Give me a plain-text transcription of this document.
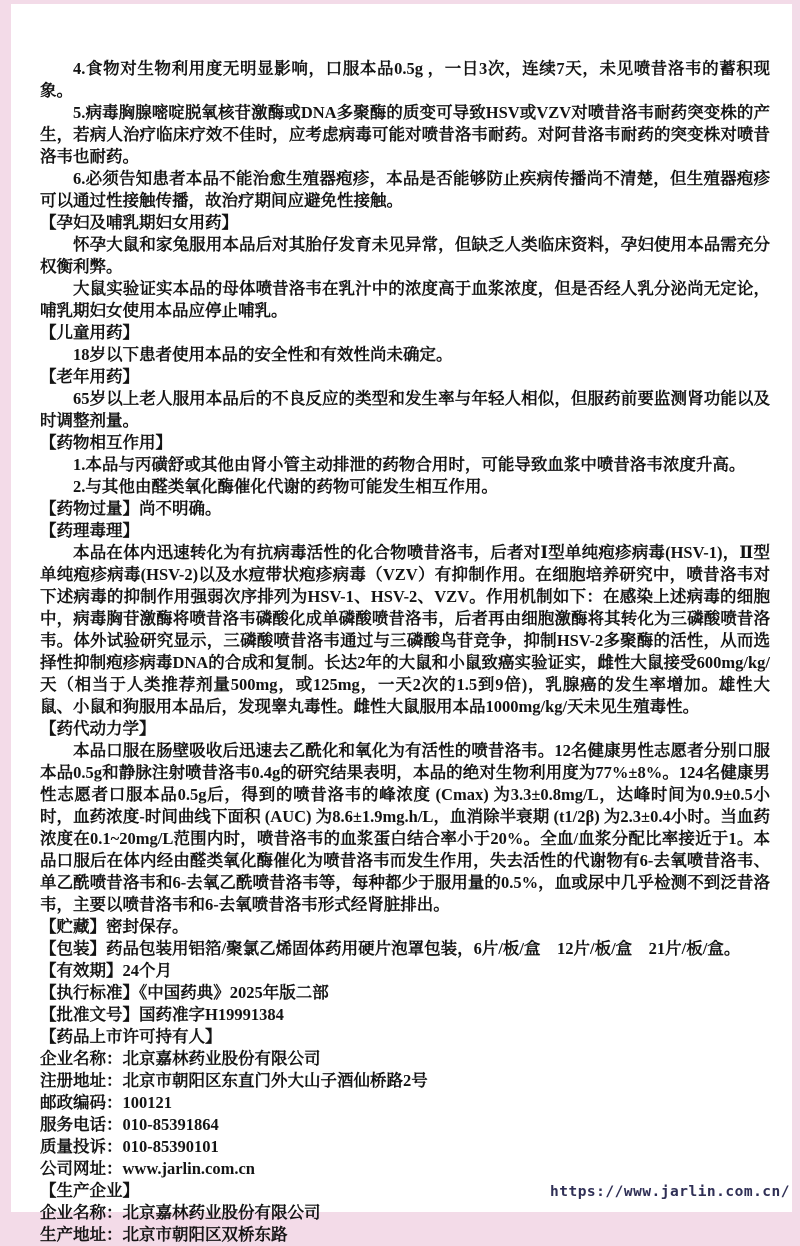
4.食物对生物利用度无明显影响，口服本品0.5g ，一日3次，连续7天，未见喷昔洛韦的蓄积现象。

5.病毒胸腺嘧啶脱氧核苷激酶或DNA多聚酶的质变可导致HSV或VZV对喷昔洛韦耐药突变株的产生，若病人治疗临床疗效不佳时，应考虑病毒可能对喷昔洛韦耐药。对阿昔洛韦耐药的突变株对喷昔洛韦也耐药。

6.必须告知患者本品不能治愈生殖器疱疹，本品是否能够防止疾病传播尚不清楚，但生殖器疱疹可以通过性接触传播，故治疗期间应避免性接触。

【孕妇及哺乳期妇女用药】

怀孕大鼠和家兔服用本品后对其胎仔发育未见异常，但缺乏人类临床资料，孕妇使用本品需充分权衡利弊。

大鼠实验证实本品的母体喷昔洛韦在乳汁中的浓度高于血浆浓度，但是否经人乳分泌尚无定论，哺乳期妇女使用本品应停止哺乳。

【儿童用药】

18岁以下患者使用本品的安全性和有效性尚未确定。

【老年用药】

65岁以上老人服用本品后的不良反应的类型和发生率与年轻人相似，但服药前要监测肾功能以及时调整剂量。

【药物相互作用】

1.本品与丙磺舒或其他由肾小管主动排泄的药物合用时，可能导致血浆中喷昔洛韦浓度升高。

2.与其他由醛类氧化酶催化代谢的药物可能发生相互作用。

【药物过量】尚不明确。

【药理毒理】

本品在体内迅速转化为有抗病毒活性的化合物喷昔洛韦，后者对Ⅰ型单纯疱疹病毒(HSV-1)，Ⅱ型单纯疱疹病毒(HSV-2)以及水痘带状疱疹病毒（VZV）有抑制作用。在细胞培养研究中，喷昔洛韦对下述病毒的抑制作用强弱次序排列为HSV-1、HSV-2、VZV。作用机制如下：在感染上述病毒的细胞中，病毒胸苷激酶将喷昔洛韦磷酸化成单磷酸喷昔洛韦，后者再由细胞激酶将其转化为三磷酸喷昔洛韦。体外试验研究显示，三磷酸喷昔洛韦通过与三磷酸鸟苷竞争，抑制HSV-2多聚酶的活性，从而选择性抑制疱疹病毒DNA的合成和复制。长达2年的大鼠和小鼠致癌实验证实，雌性大鼠接受600mg/kg/天（相当于人类推荐剂量500mg，或125mg，一天2次的1.5到9倍)，乳腺癌的发生率增加。雄性大鼠、小鼠和狗服用本品后，发现睾丸毒性。雌性大鼠服用本品1000mg/kg/天未见生殖毒性。

【药代动力学】

本品口服在肠壁吸收后迅速去乙酰化和氧化为有活性的喷昔洛韦。12名健康男性志愿者分别口服本品0.5g和静脉注射喷昔洛韦0.4g的研究结果表明，本品的绝对生物利用度为77%±8%。124名健康男性志愿者口服本品0.5g后，得到的喷昔洛韦的峰浓度 (Cmax) 为3.3±0.8mg/L，达峰时间为0.9±0.5小时，血药浓度-时间曲线下面积 (AUC) 为8.6±1.9mg.h/L，血消除半衰期 (t1/2β) 为2.3±0.4小时。当血药浓度在0.1~20mg/L范围内时，喷昔洛韦的血浆蛋白结合率小于20%。全血/血浆分配比率接近于1。本品口服后在体内经由醛类氧化酶催化为喷昔洛韦而发生作用，失去活性的代谢物有6-去氧喷昔洛韦、单乙酰喷昔洛韦和6-去氧乙酰喷昔洛韦等，每种都少于服用量的0.5%，血或尿中几乎检测不到泛昔洛韦，主要以喷昔洛韦和6-去氧喷昔洛韦形式经肾脏排出。

【贮藏】密封保存。

【包装】药品包装用铝箔/聚氯乙烯固体药用硬片泡罩包装，6片/板/盒　12片/板/盒　21片/板/盒。

【有效期】24个月

【执行标准】《中国药典》2025年版二部

【批准文号】国药准字H19991384

【药品上市许可持有人】

企业名称：北京嘉林药业股份有限公司

注册地址：北京市朝阳区东直门外大山子酒仙桥路2号

邮政编码：100121

服务电话：010-85391864

质量投诉：010-85390101

公司网址：www.jarlin.com.cn

【生产企业】

企业名称：北京嘉林药业股份有限公司

生产地址：北京市朝阳区双桥东路

https://www.jarlin.com.cn/
